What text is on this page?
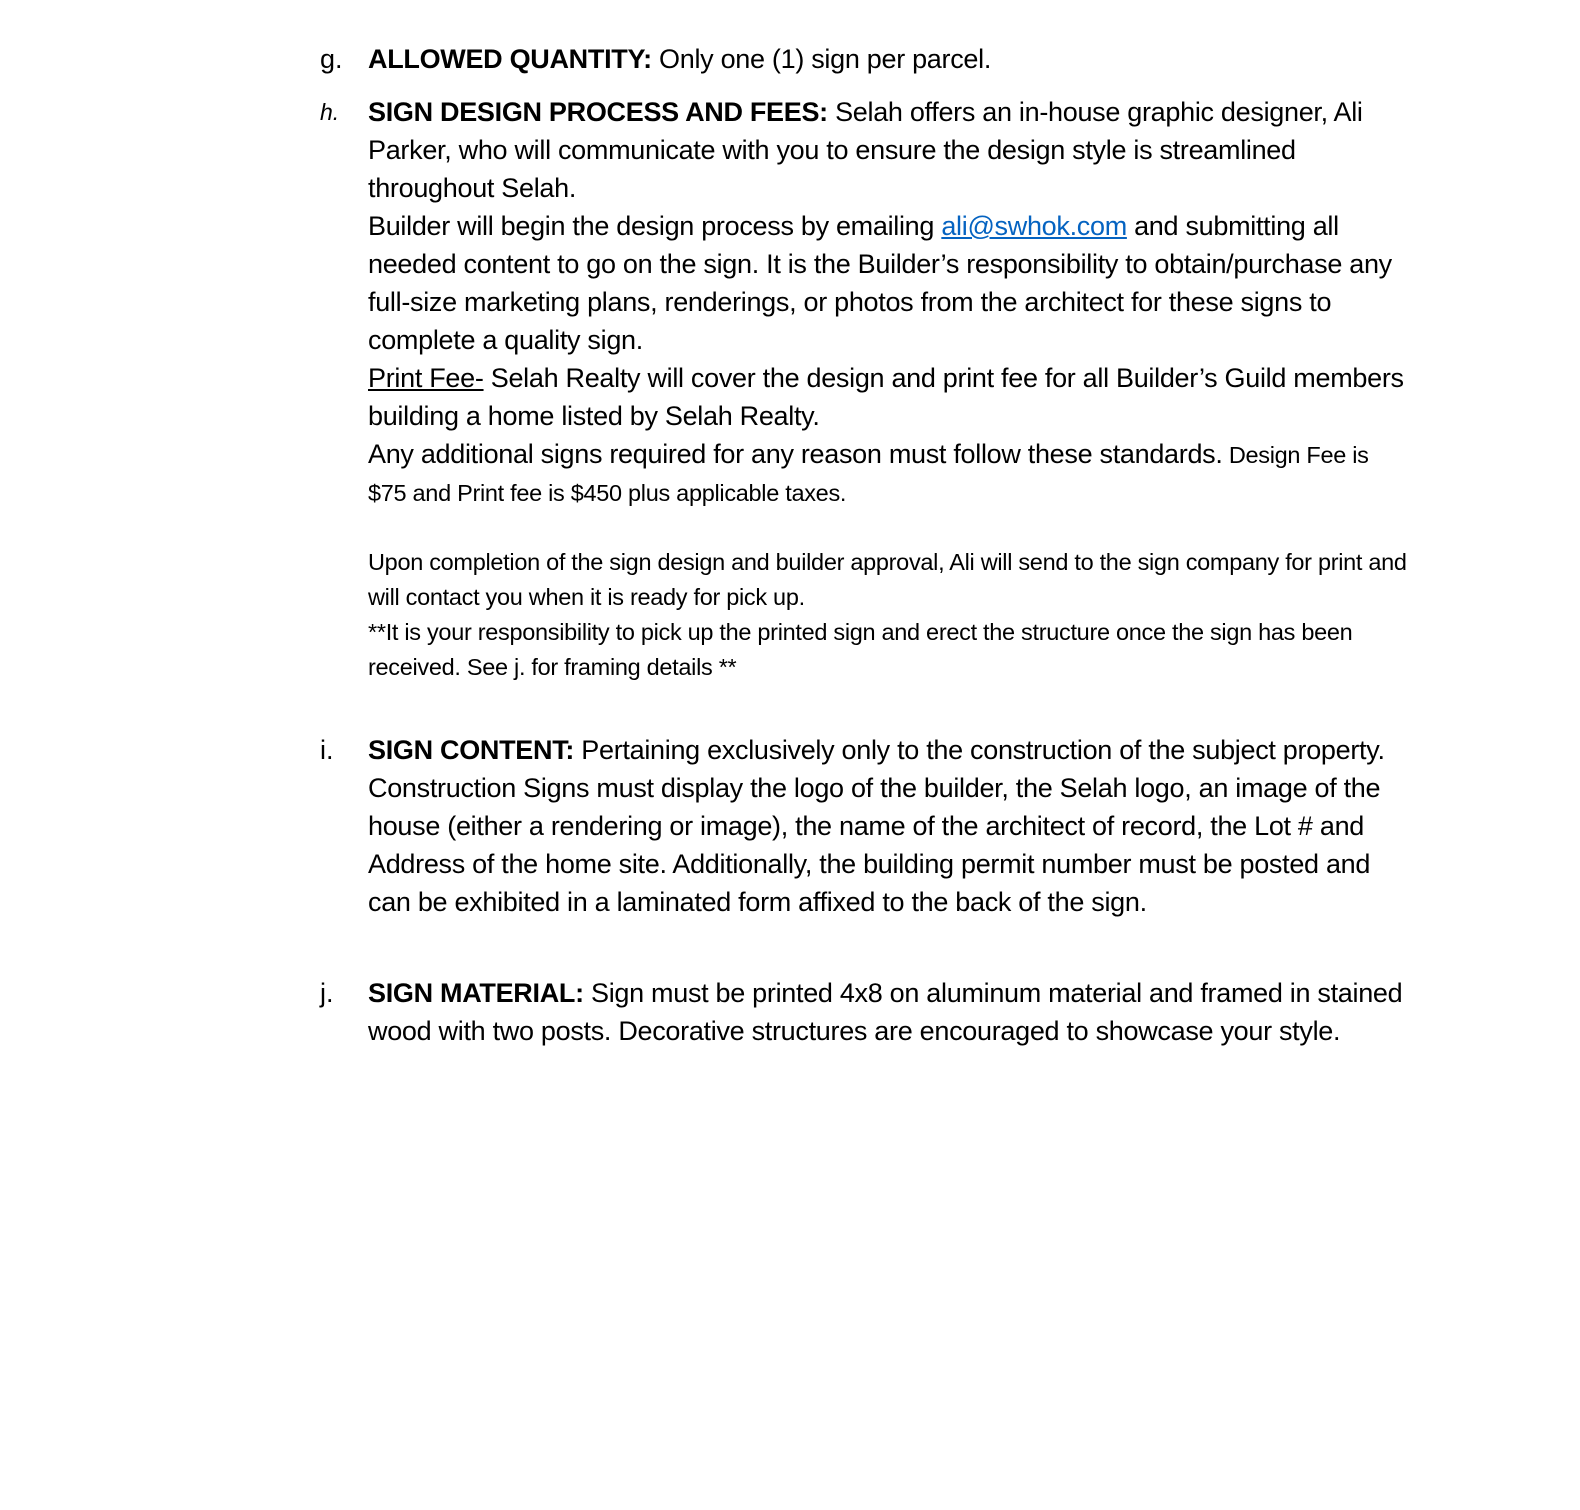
g. ALLOWED QUANTITY: Only one (1) sign per parcel.

h. SIGN DESIGN PROCESS AND FEES: Selah offers an in-house graphic designer, Ali Parker, who will communicate with you to ensure the design style is streamlined throughout Selah.

Builder will begin the design process by emailing ali@swhok.com and submitting all needed content to go on the sign. It is the Builder’s responsibility to obtain/purchase any full-size marketing plans, renderings, or photos from the architect for these signs to complete a quality sign.

Print Fee- Selah Realty will cover the design and print fee for all Builder’s Guild members building a home listed by Selah Realty.

Any additional signs required for any reason must follow these standards. Design Fee is $75 and Print fee is $450 plus applicable taxes.

Upon completion of the sign design and builder approval, Ali will send to the sign company for print and will contact you when it is ready for pick up.

**It is your responsibility to pick up the printed sign and erect the structure once the sign has been received. See j. for framing details **

i. SIGN CONTENT: Pertaining exclusively only to the construction of the subject property. Construction Signs must display the logo of the builder, the Selah logo, an image of the house (either a rendering or image), the name of the architect of record, the Lot # and Address of the home site. Additionally, the building permit number must be posted and can be exhibited in a laminated form affixed to the back of the sign.

j. SIGN MATERIAL: Sign must be printed 4x8 on aluminum material and framed in stained wood with two posts. Decorative structures are encouraged to showcase your style.
